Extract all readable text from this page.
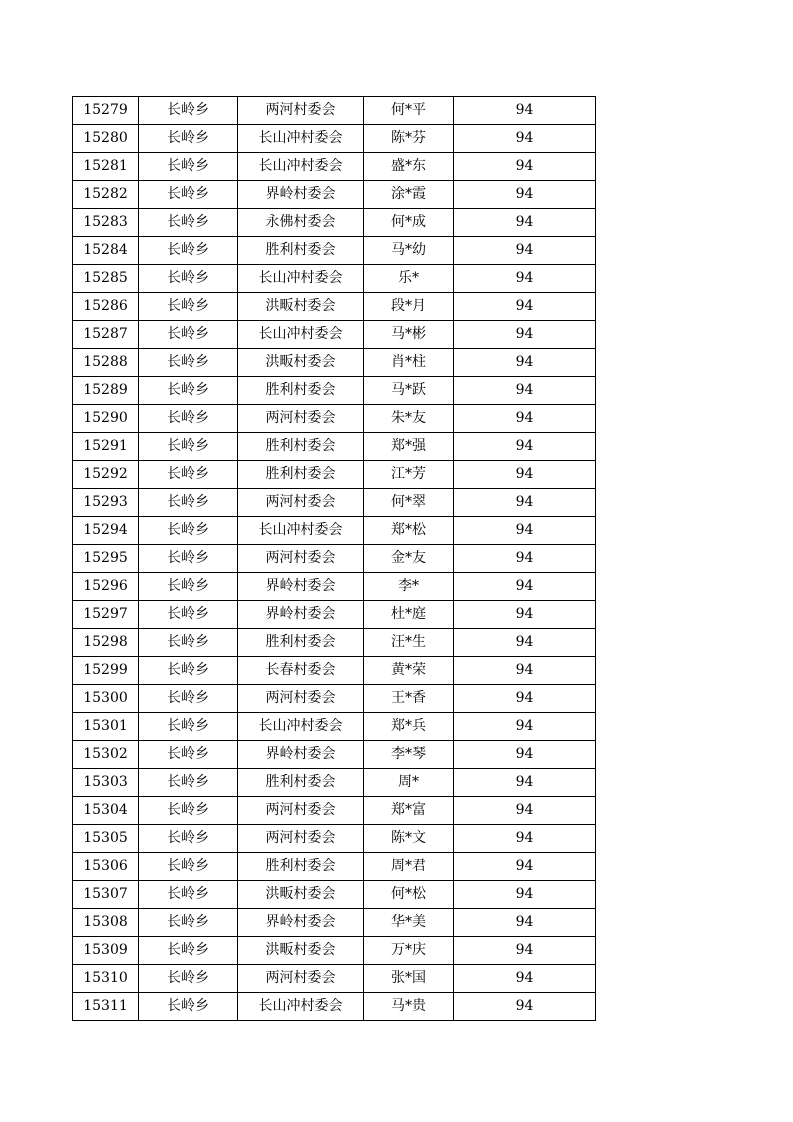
15279	长岭乡	两河村委会	何*平	94
15280	长岭乡	长山冲村委会	陈*芬	94
15281	长岭乡	长山冲村委会	盛*东	94
15282	长岭乡	界岭村委会	涂*霞	94
15283	长岭乡	永佛村委会	何*成	94
15284	长岭乡	胜利村委会	马*幼	94
15285	长岭乡	长山冲村委会	乐*	94
15286	长岭乡	洪畈村委会	段*月	94
15287	长岭乡	长山冲村委会	马*彬	94
15288	长岭乡	洪畈村委会	肖*柱	94
15289	长岭乡	胜利村委会	马*跃	94
15290	长岭乡	两河村委会	朱*友	94
15291	长岭乡	胜利村委会	郑*强	94
15292	长岭乡	胜利村委会	江*芳	94
15293	长岭乡	两河村委会	何*翠	94
15294	长岭乡	长山冲村委会	郑*松	94
15295	长岭乡	两河村委会	金*友	94
15296	长岭乡	界岭村委会	李*	94
15297	长岭乡	界岭村委会	杜*庭	94
15298	长岭乡	胜利村委会	汪*生	94
15299	长岭乡	长春村委会	黄*荣	94
15300	长岭乡	两河村委会	王*香	94
15301	长岭乡	长山冲村委会	郑*兵	94
15302	长岭乡	界岭村委会	李*琴	94
15303	长岭乡	胜利村委会	周*	94
15304	长岭乡	两河村委会	郑*富	94
15305	长岭乡	两河村委会	陈*文	94
15306	长岭乡	胜利村委会	周*君	94
15307	长岭乡	洪畈村委会	何*松	94
15308	长岭乡	界岭村委会	华*美	94
15309	长岭乡	洪畈村委会	万*庆	94
15310	长岭乡	两河村委会	张*国	94
15311	长岭乡	长山冲村委会	马*贵	94
